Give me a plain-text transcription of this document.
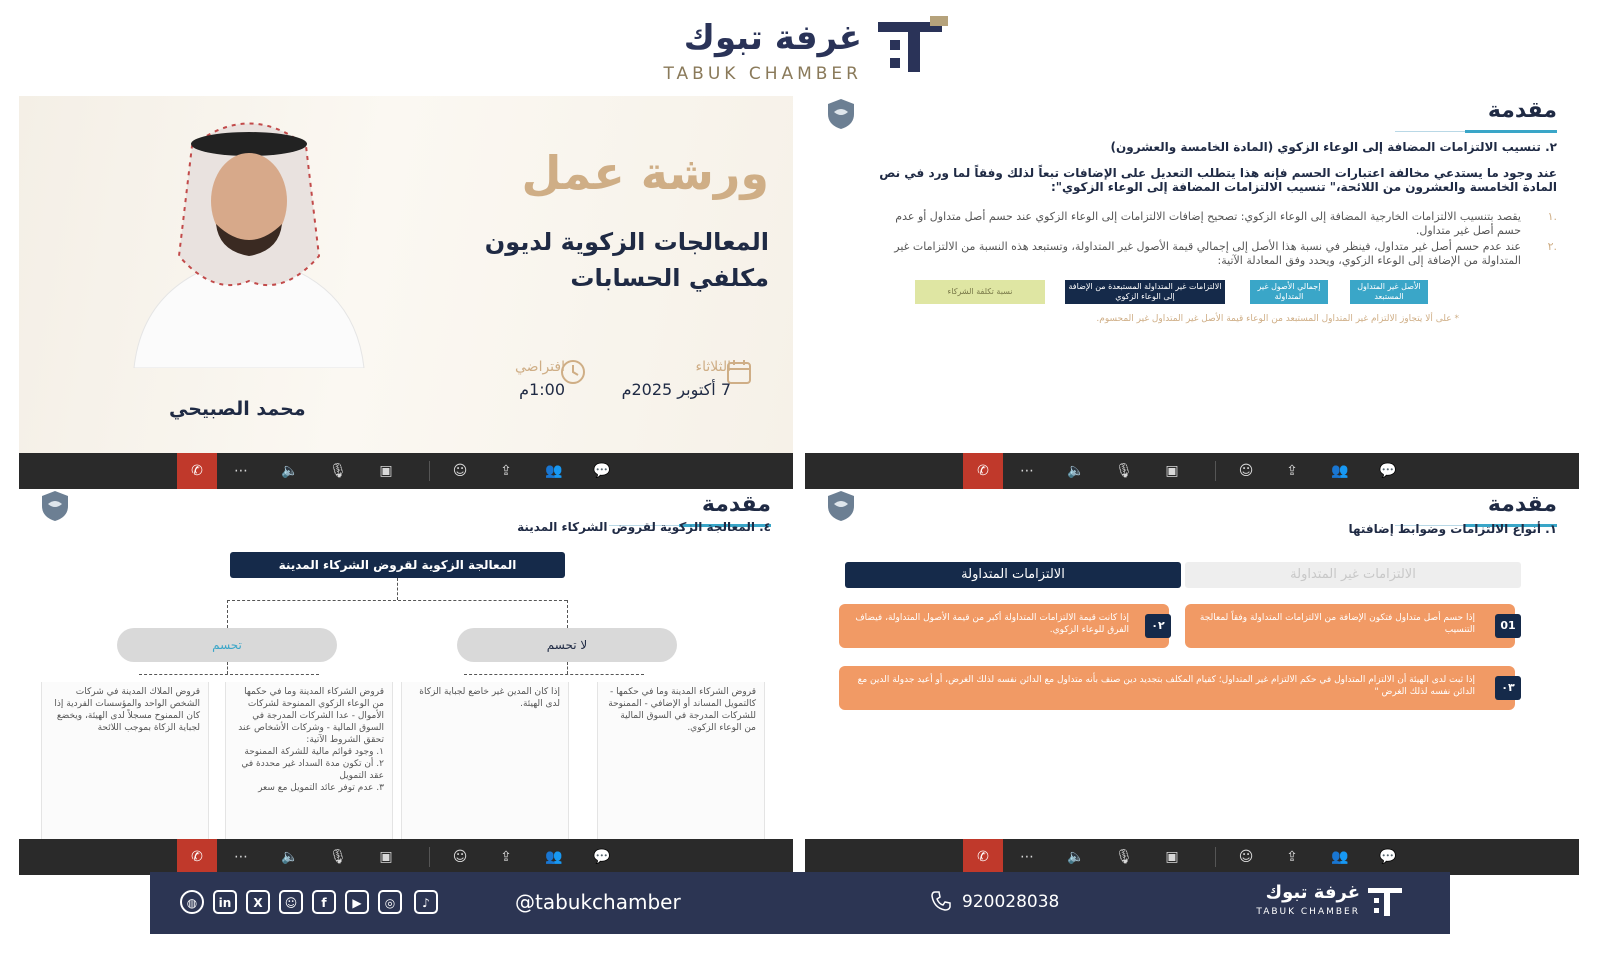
غرفة تبوك
TABUK CHAMBER
ورشة عمل
المعالجات الزكوية لديون
مكلفي الحسابات
الثلاثاء
7 أكتوبر 2025م
افتراضي
1:00م
محمد الصبيحي
مقدمة
٢. تنسيب الالتزامات المضافة إلى الوعاء الزكوي (المادة الخامسة والعشرون)
عند وجود ما يستدعي مخالفة اعتبارات الحسم فإنه هذا يتطلب التعديل على الإضافات تبعاً لذلك وفقاً لما ورد في نص المادة الخامسة والعشرون من اللائحة،" تنسيب الالتزامات المضافة إلى الوعاء الزكوي":
١.
يقصد بتنسيب الالتزامات الخارجية المضافة إلى الوعاء الزكوي: تصحيح إضافات الالتزامات إلى الوعاء الزكوي عند حسم أصل متداول أو عدم حسم أصل غير متداول.
٢.
عند عدم حسم أصل غير متداول، فينظر في نسبة هذا الأصل إلى إجمالي قيمة الأصول غير المتداولة، وتستبعد هذه النسبة من الالتزامات غير المتداولة من الإضافة إلى الوعاء الزكوي، ويحدد وفق المعادلة الآتية:
الأصل غير المتداول المستبعد
إجمالي الأصول غير المتداولة
الالتزامات غير المتداولة المستبعدة من الإضافة إلى الوعاء الزكوي
نسبة تكلفة الشركاء
* على ألا يتجاوز الالتزام غير المتداول المستبعد من الوعاء قيمة الأصل غير المتداول غير المحسوم.
مقدمة
٤. المعالجة الزكوية لقروض الشركاء المدينة
المعالجة الزكوية لقروض الشركاء المدينة
تحسم	لا تحسم
قروض الشركاء المدينة وما في حكمها - كالتمويل المساند أو الإضافي - الممنوحة للشركات المدرجة في السوق المالية من الوعاء الزكوي.
إذا كان المدين غير خاضع لجباية الزكاة لدى الهيئة.
قروض الشركاء المدينة وما في حكمها من الوعاء الزكوي الممنوحة لشركات الأموال - عدا الشركات المدرجة في السوق المالية - وشركات الأشخاص عند تحقق الشروط الآتية:
١. وجود قوائم مالية للشركة الممنوحة
٢. أن تكون مدة السداد غير محددة في عقد التمويل
٣. عدم توفر عائد التمويل مع سعر
قروض الملاك المدينة في شركات الشخص الواحد والمؤسسات الفردية إذا كان الممنوح مسجلاً لدى الهيئة، ويخضع لجباية الزكاة بموجب اللائحة
مقدمة
١. أنواع الالتزامات وضوابط إضافتها
الالتزامات المتداولة	الالتزامات غير المتداولة
إذا حسم أصل متداول فتكون الإضافة من الالتزامات المتداولة وفقاً لمعالجة التنسيب	01
إذا كانت قيمة الالتزامات المتداولة أكبر من قيمة الأصول المتداولة، فيضاف الفرق للوعاء الزكوي.	٠٢
إذا ثبت لدى الهيئة أن الالتزام المتداول في حكم الالتزام غير المتداول؛ كقيام المكلف بتجديد دين صنف بأنه متداول مع الدائن نفسه لذلك الغرض، أو أعيد جدولة الدين مع الدائن نفسه لذلك الغرض "	٠٣
✆ ⋯ 🔈 🎙 ▣	☺ ⇪ 👥 💬	✆ ⋯ 🔈 🎙 ▣	☺ ⇪ 👥 💬
✆ ⋯ 🔈 🎙 ▣	☺ ⇪ 👥 💬	✆ ⋯ 🔈 🎙 ▣	☺ ⇪ 👥 💬
◍	in	X	☺	f	▶	◎	♪	@tabukchamber	920028038	غرفة تبوك
TABUK CHAMBER
